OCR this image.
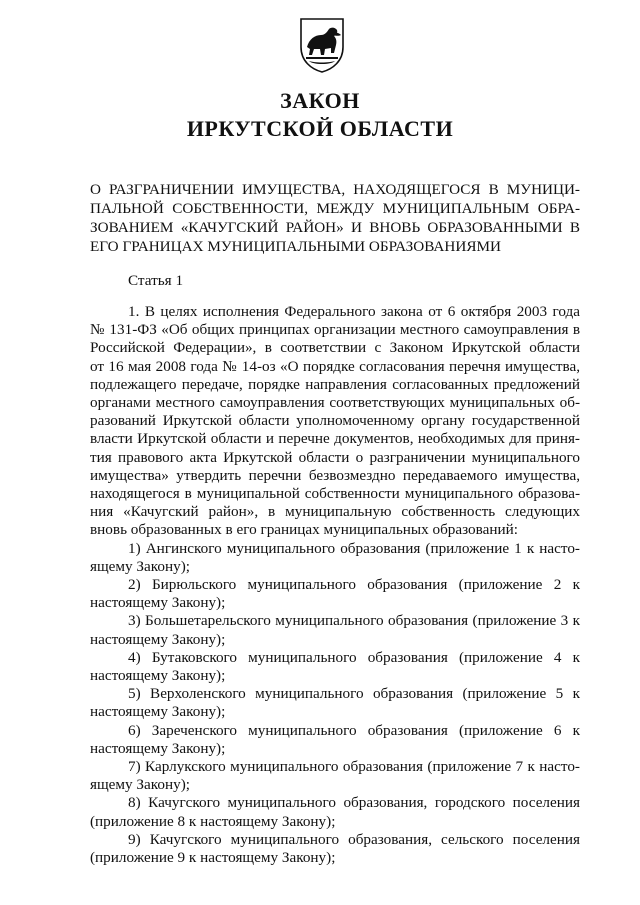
ЗАКОН
ИРКУТСКОЙ ОБЛАСТИ
О РАЗГРАНИЧЕНИИ ИМУЩЕСТВА, НАХОДЯЩЕГОСЯ В МУНИЦИ-
ПАЛЬНОЙ СОБСТВЕННОСТИ, МЕЖДУ МУНИЦИПАЛЬНЫМ ОБРА-
ЗОВАНИЕМ «КАЧУГСКИЙ РАЙОН» И ВНОВЬ ОБРАЗОВАННЫМИ В
ЕГО ГРАНИЦАХ МУНИЦИПАЛЬНЫМИ ОБРАЗОВАНИЯМИ
Статья 1
1. В целях исполнения Федерального закона от 6 октября 2003 года
№ 131-ФЗ «Об общих принципах организации местного самоуправления в
Российской Федерации», в соответствии с Законом Иркутской области
от 16 мая 2008 года № 14-оз «О порядке согласования перечня имущества,
подлежащего передаче, порядке направления согласованных предложений
органами местного самоуправления соответствующих муниципальных об-
разований Иркутской области уполномоченному органу государственной
власти Иркутской области и перечне документов, необходимых для приня-
тия правового акта Иркутской области о разграничении муниципального
имущества» утвердить перечни безвозмездно передаваемого имущества,
находящегося в муниципальной собственности муниципального образова-
ния «Качугский район», в муниципальную собственность следующих
вновь образованных в его границах муниципальных образований:
1) Ангинского муниципального образования (приложение 1 к насто-
ящему Закону);
2) Бирюльского муниципального образования (приложение 2 к
настоящему Закону);
3) Большетарельского муниципального образования (приложение 3 к
настоящему Закону);
4) Бутаковского муниципального образования (приложение 4 к
настоящему Закону);
5) Верхоленского муниципального образования (приложение 5 к
настоящему Закону);
6) Зареченского муниципального образования (приложение 6 к
настоящему Закону);
7) Карлукского муниципального образования (приложение 7 к насто-
ящему Закону);
8) Качугского муниципального образования, городского поселения
(приложение 8 к настоящему Закону);
9) Качугского муниципального образования, сельского поселения
(приложение 9 к настоящему Закону);
